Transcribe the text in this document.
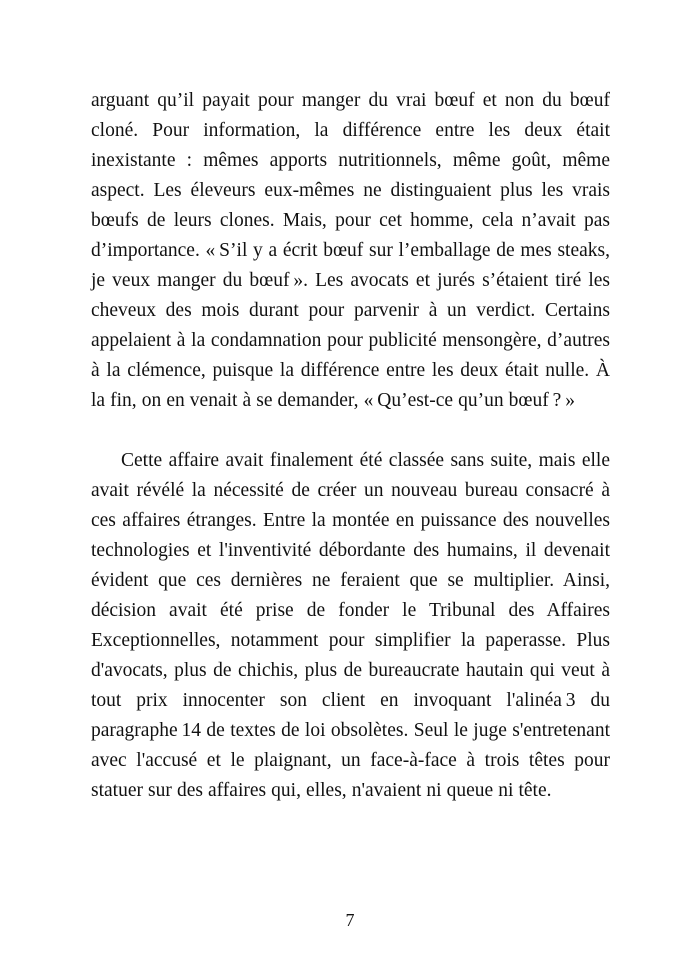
arguant qu’il payait pour manger du vrai bœuf et non du bœuf cloné. Pour information, la différence entre les deux était inexistante : mêmes apports nutritionnels, même goût, même aspect. Les éleveurs eux-mêmes ne distinguaient plus les vrais bœufs de leurs clones. Mais, pour cet homme, cela n’avait pas d’importance. « S’il y a écrit bœuf sur l’emballage de mes steaks, je veux manger du bœuf ». Les avocats et jurés s’étaient tiré les cheveux des mois durant pour parvenir à un verdict. Certains appelaient à la condamnation pour publicité mensongère, d’autres à la clémence, puisque la différence entre les deux était nulle. À la fin, on en venait à se demander, « Qu’est-ce qu’un bœuf ? »

Cette affaire avait finalement été classée sans suite, mais elle avait révélé la nécessité de créer un nouveau bureau consacré à ces affaires étranges. Entre la montée en puissance des nouvelles technologies et l'inventivité débordante des humains, il devenait évident que ces dernières ne feraient que se multiplier. Ainsi, décision avait été prise de fonder le Tribunal des Affaires Exceptionnelles, notamment pour simplifier la paperasse. Plus d'avocats, plus de chichis, plus de bureaucrate hautain qui veut à tout prix innocenter son client en invoquant l'alinéa 3 du paragraphe 14 de textes de loi obsolètes. Seul le juge s'entretenant avec l'accusé et le plaignant, un face-à-face à trois têtes pour statuer sur des affaires qui, elles, n'avaient ni queue ni tête.

7
